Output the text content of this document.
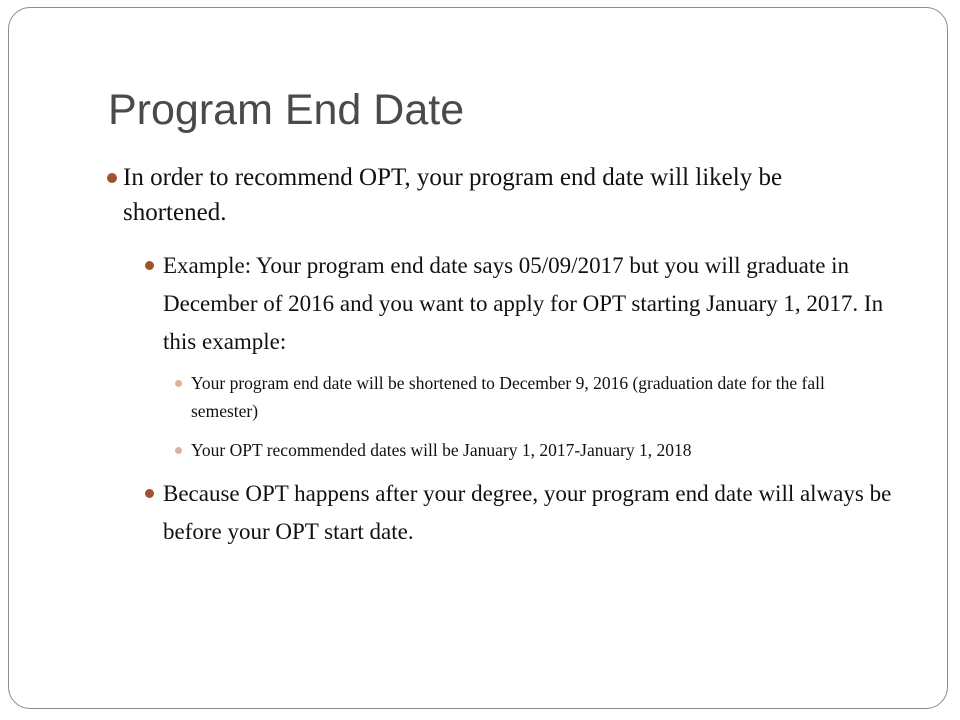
Program End Date
In order to recommend OPT, your program end date will likely be shortened.
Example: Your program end date says 05/09/2017 but you will graduate in December of 2016 and you want to apply for OPT starting January 1, 2017. In this example:
Your program end date will be shortened to December 9, 2016 (graduation date for the fall semester)
Your OPT recommended dates will be January 1, 2017-January 1, 2018
Because OPT happens after your degree, your program end date will always be before your OPT start date.
